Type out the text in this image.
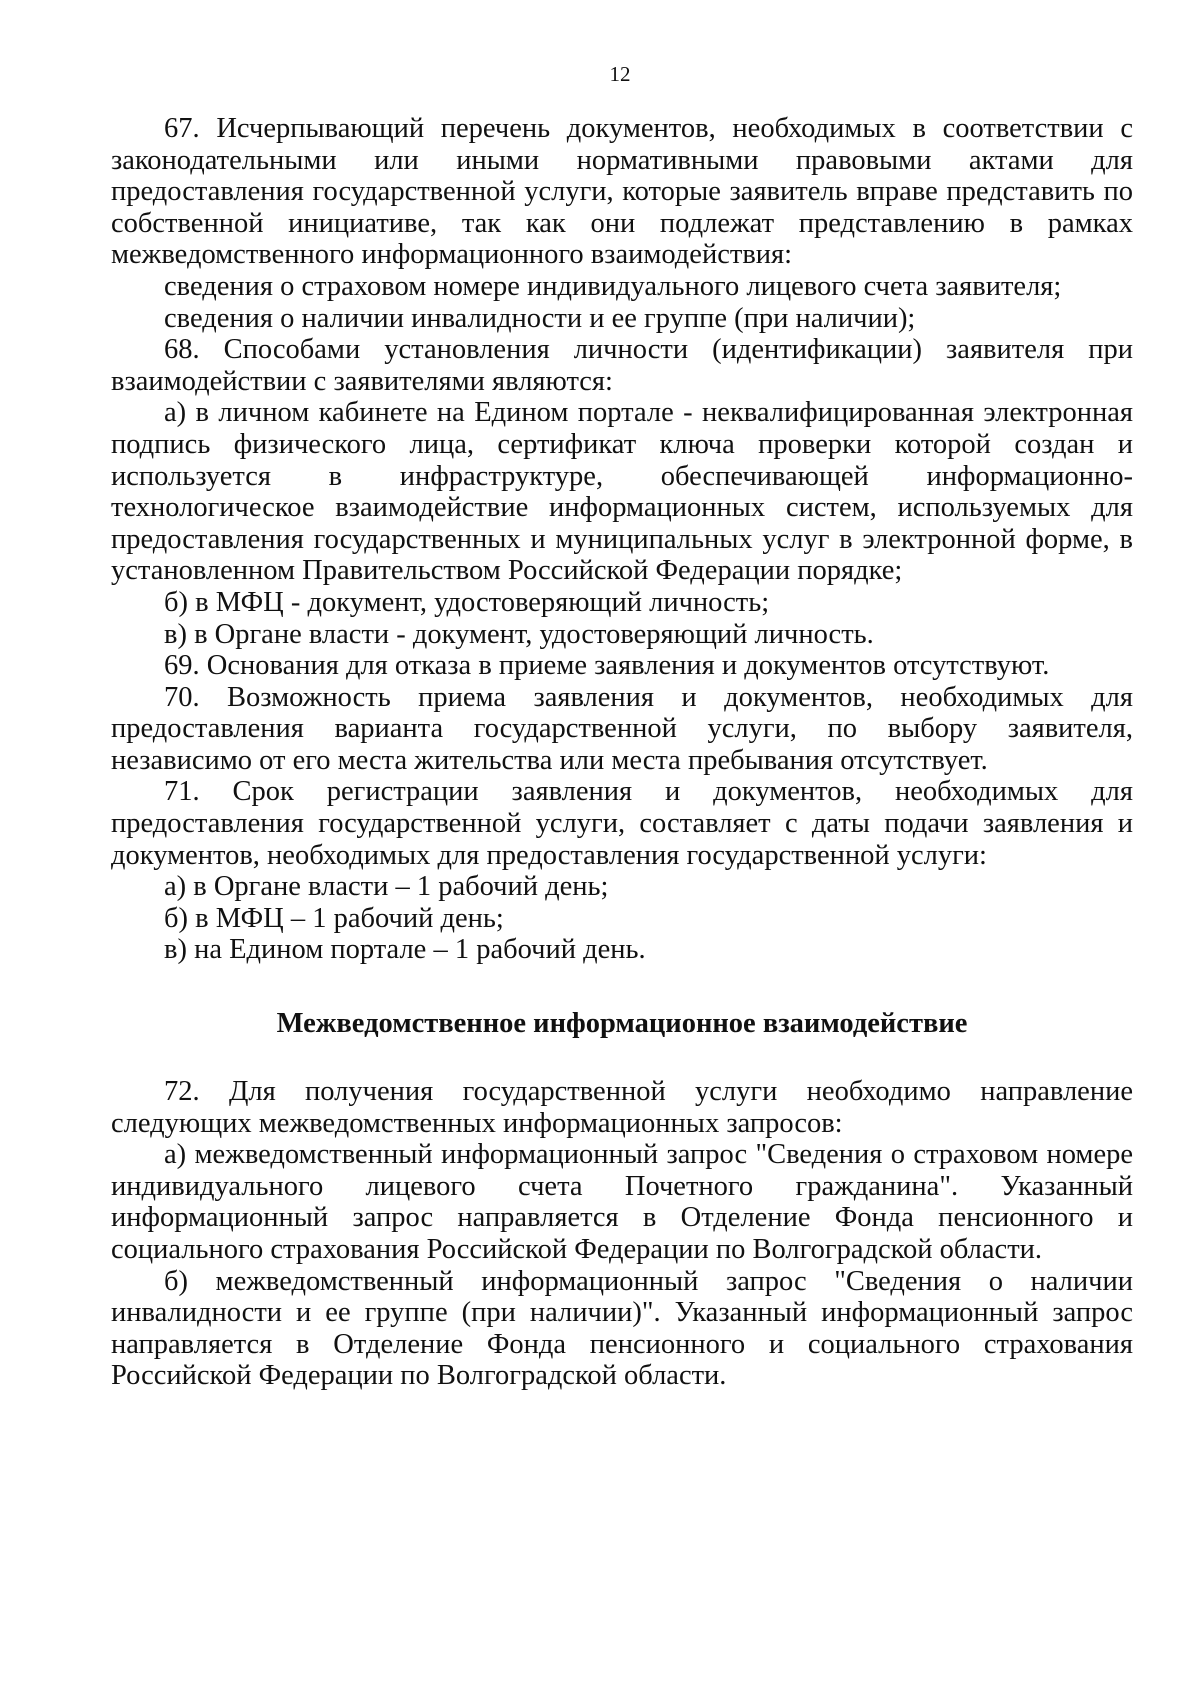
12

67. Исчерпывающий перечень документов, необходимых в соответствии с законодательными или иными нормативными правовыми актами для предоставления государственной услуги, которые заявитель вправе представить по собственной инициативе, так как они подлежат представлению в рамках межведомственного информационного взаимодействия:

сведения о страховом номере индивидуального лицевого счета заявителя;

сведения о наличии инвалидности и ее группе (при наличии);

68. Способами установления личности (идентификации) заявителя при взаимодействии с заявителями являются:

а) в личном кабинете на Едином портале - неквалифицированная электронная подпись физического лица, сертификат ключа проверки которой создан и используется в инфраструктуре, обеспечивающей информационно-технологическое взаимодействие информационных систем, используемых для предоставления государственных и муниципальных услуг в электронной форме, в установленном Правительством Российской Федерации порядке;

б) в МФЦ - документ, удостоверяющий личность;

в) в Органе власти - документ, удостоверяющий личность.

69. Основания для отказа в приеме заявления и документов отсутствуют.

70. Возможность приема заявления и документов, необходимых для предоставления варианта государственной услуги, по выбору заявителя, независимо от его места жительства или места пребывания отсутствует.

71. Срок регистрации заявления и документов, необходимых для предоставления государственной услуги, составляет с даты подачи заявления и документов, необходимых для предоставления государственной услуги:

а) в Органе власти – 1 рабочий день;

б) в МФЦ – 1 рабочий день;

в) на Едином портале – 1 рабочий день.

Межведомственное информационное взаимодействие

72. Для получения государственной услуги необходимо направление следующих межведомственных информационных запросов:

а) межведомственный информационный запрос "Сведения о страховом номере индивидуального лицевого счета Почетного гражданина". Указанный информационный запрос направляется в Отделение Фонда пенсионного и социального страхования Российской Федерации по Волгоградской области.

б) межведомственный информационный запрос "Сведения о наличии инвалидности и ее группе (при наличии)". Указанный информационный запрос направляется в Отделение Фонда пенсионного и социального страхования Российской Федерации по Волгоградской области.
